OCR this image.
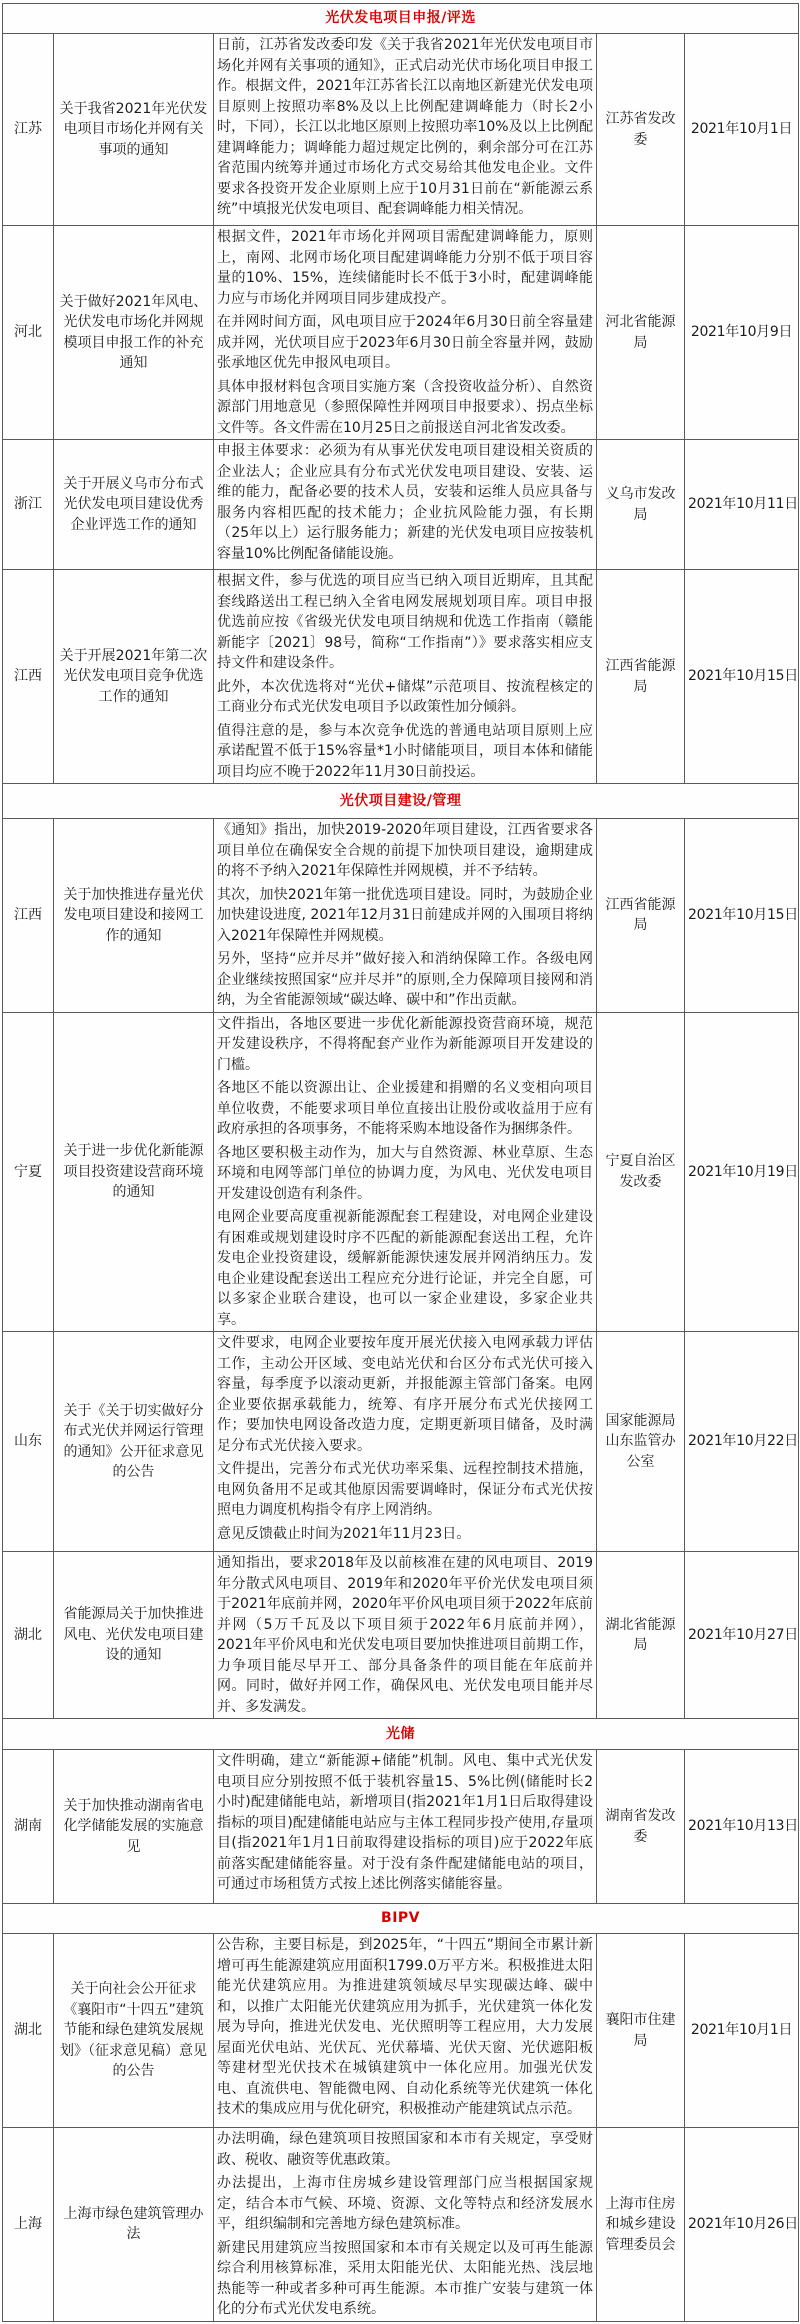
光伏发电项目申报/评选				
江苏	关于我省2021年光伏发电项目市场化并网有关事项的通知	日前，江苏省发改委印发《关于我省2021年光伏发电项目市场化并网有关事项的通知》，正式启动光伏市场化项目申报工作。根据文件，2021年江苏省长江以南地区新建光伏发电项目原则上按照功率8%及以上比例配建调峰能力（时长2小时，下同），长江以北地区原则上按照功率10%及以上比例配建调峰能力；调峰能力超过规定比例的，剩余部分可在江苏省范围内统筹并通过市场化方式交易给其他发电企业。文件要求各投资开发企业原则上应于10月31日前在“新能源云系统”中填报光伏发电项目、配套调峰能力相关情况。	江苏省发改委	2021年10月1日
河北	关于做好2021年风电、光伏发电市场化并网规模项目申报工作的补充通知	根据文件，2021年市场化并网项目需配建调峰能力，原则上，南网、北网市场化项目配建调峰能力分别不低于项目容量的10%、15%，连续储能时长不低于3小时，配建调峰能力应与市场化并网项目同步建成投产。

在并网时间方面，风电项目应于2024年6月30日前全容量建成并网，光伏项目应于2023年6月30日前全容量并网，鼓励张承地区优先申报风电项目。

具体申报材料包含项目实施方案（含投资收益分析）、自然资源部门用地意见（参照保障性并网项目申报要求）、拐点坐标文件等。各文件需在10月25日之前报送自河北省发改委。	河北省能源局	2021年10月9日
浙江	关于开展义乌市分布式光伏发电项目建设优秀企业评选工作的通知	申报主体要求：必须为有从事光伏发电项目建设相关资质的企业法人；企业应具有分布式光伏发电项目建设、安装、运维的能力，配备必要的技术人员，安装和运维人员应具备与服务内容相匹配的技术能力；企业抗风险能力强，有长期（25年以上）运行服务能力；新建的光伏发电项目应按装机容量10%比例配备储能设施。	义乌市发改局	2021年10月11日
江西	关于开展2021年第二次光伏发电项目竞争优选工作的通知	根据文件，参与优选的项目应当已纳入项目近期库，且其配套线路送出工程已纳入全省电网发展规划项目库。项目申报优选前应按《省级光伏发电项目纳规和优选工作指南（赣能新能字〔2021〕98号，简称“工作指南”）》要求落实相应支持文件和建设条件。

此外，本次优选将对“光伏+储煤”示范项目、按流程核定的工商业分布式光伏发电项目予以政策性加分倾斜。

值得注意的是，参与本次竞争优选的普通电站项目原则上应承诺配置不低于15%容量*1小时储能项目，项目本体和储能项目均应不晚于2022年11月30日前投运。	江西省能源局	2021年10月15日
光伏项目建设/管理				
江西	关于加快推进存量光伏发电项目建设和接网工作的通知	《通知》指出，加快2019-2020年项目建设，江西省要求各项目单位在确保安全合规的前提下加快项目建设，逾期建成的将不予纳入2021年保障性并网规模，并不予结转。

其次，加快2021年第一批优选项目建设。同时，为鼓励企业加快建设进度, 2021年12月31日前建成并网的入围项目将纳入2021年保障性并网规模。

另外，坚持“应并尽并”做好接入和消纳保障工作。各级电网企业继续按照国家“应并尽并”的原则,全力保障项目接网和消纳，为全省能源领域“碳达峰、碳中和”作出贡献。	江西省能源局	2021年10月15日
宁夏	关于进一步优化新能源项目投资建设营商环境的通知	文件指出，各地区要进一步优化新能源投资营商环境，规范开发建设秩序，不得将配套产业作为新能源项目开发建设的门槛。

各地区不能以资源出让、企业援建和捐赠的名义变相向项目单位收费，不能要求项目单位直接出让股份或收益用于应有政府承担的各项事务，不能将采购本地设备作为捆绑条件。

各地区要积极主动作为，加大与自然资源、林业草原、生态环境和电网等部门单位的协调力度，为风电、光伏发电项目开发建设创造有利条件。

电网企业要高度重视新能源配套工程建设，对电网企业建设有困难或规划建设时序不匹配的新能源配套送出工程，允许发电企业投资建设，缓解新能源快速发展并网消纳压力。发电企业建设配套送出工程应充分进行论证，并完全自愿，可以多家企业联合建设，也可以一家企业建设，多家企业共享。	宁夏自治区发改委	2021年10月19日
山东	关于《关于切实做好分布式光伏并网运行管理的通知》公开征求意见的公告	文件要求，电网企业要按年度开展光伏接入电网承载力评估工作，主动公开区域、变电站光伏和台区分布式光伏可接入容量，每季度予以滚动更新，并报能源主管部门备案。电网企业要依据承载能力，统筹、有序开展分布式光伏接网工作；要加快电网设备改造力度，定期更新项目储备，及时满足分布式光伏接入要求。

文件提出，完善分布式光伏功率采集、远程控制技术措施，电网负备用不足或其他原因需要调峰时，保证分布式光伏按照电力调度机构指令有序上网消纳。

意见反馈截止时间为2021年11月23日。	国家能源局山东监管办公室	2021年10月22日
湖北	省能源局关于加快推进风电、光伏发电项目建设的通知	通知指出，要求2018年及以前核准在建的风电项目、2019年分散式风电项目、2019年和2020年平价光伏发电项目须于2021年底前并网，2020年平价风电项目须于2022年底前并网（5万千瓦及以下项目须于2022年6月底前并网），2021年平价风电和光伏发电项目要加快推进项目前期工作，力争项目能尽早开工、部分具备条件的项目能在年底前并网。同时，做好并网工作，确保风电、光伏发电项目能并尽并、多发满发。	湖北省能源局	2021年10月27日
光储				
湖南	关于加快推动湖南省电化学储能发展的实施意见	文件明确，建立“新能源+储能”机制。风电、集中式光伏发电项目应分别按照不低于装机容量15、5%比例(储能时长2小时)配建储能电站，新增项目(指2021年1月1日后取得建设指标的项目)配建储能电站应与主体工程同步投产使用,存量项目(指2021年1月1日前取得建设指标的项目)应于2022年底前落实配建储能容量。对于没有条件配建储能电站的项目，可通过市场租赁方式按上述比例落实储能容量。	湖南省发改委	2021年10月13日
BIPV				
湖北	关于向社会公开征求《襄阳市“十四五”建筑节能和绿色建筑发展规划》（征求意见稿）意见的公告	公告称，主要目标是，到2025年，“十四五”期间全市累计新增可再生能源建筑应用面积1799.0万平方米。积极推进太阳能光伏建筑应用。为推进建筑领域尽早实现碳达峰、碳中和，以推广太阳能光伏建筑应用为抓手，光伏建筑一体化发展为导向，推进光伏发电、光伏照明等工程应用，大力发展屋面光伏电站、光伏瓦、光伏幕墙、光伏天窗、光伏遮阳板等建材型光伏技术在城镇建筑中一体化应用。加强光伏发电、直流供电、智能微电网、自动化系统等光伏建筑一体化技术的集成应用与优化研究，积极推动产能建筑试点示范。	襄阳市住建局	2021年10月1日
上海	上海市绿色建筑管理办法	办法明确，绿色建筑项目按照国家和本市有关规定，享受财政、税收、融资等优惠政策。

办法提出，上海市住房城乡建设管理部门应当根据国家规定，结合本市气候、环境、资源、文化等特点和经济发展水平，组织编制和完善地方绿色建筑标准。

新建民用建筑应当按照国家和本市有关规定以及可再生能源综合利用核算标准，采用太阳能光伏、太阳能光热、浅层地热能等一种或者多种可再生能源。本市推广安装与建筑一体化的分布式光伏发电系统。	上海市住房和城乡建设管理委员会	2021年10月26日
